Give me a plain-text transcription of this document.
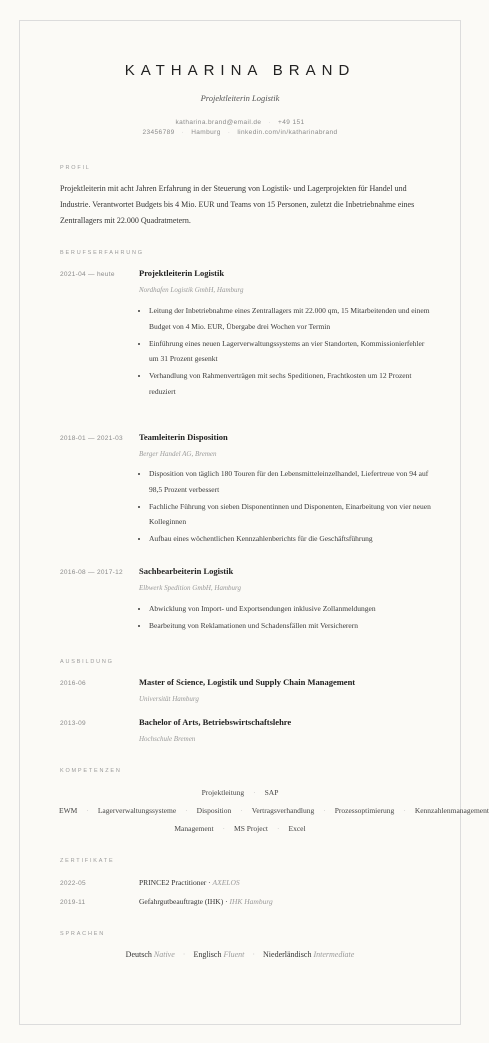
KATHARINA BRAND
Projektleiterin Logistik
katharina.brand@email.de · +49 151
23456789 · Hamburg · linkedin.com/in/katharinabrand
PROFIL
Projektleiterin mit acht Jahren Erfahrung in der Steuerung von Logistik- und Lagerprojekten für Handel und Industrie. Verantwortet Budgets bis 4 Mio. EUR und Teams von 15 Personen, zuletzt die Inbetriebnahme eines Zentrallagers mit 22.000 Quadratmetern.
BERUFSERFAHRUNG
2021-04 — heute	Projektleiterin Logistik
Nordhafen Logistik GmbH, Hamburg
• Leitung der Inbetriebnahme eines Zentrallagers mit 22.000 qm, 15 Mitarbeitenden und einem Budget von 4 Mio. EUR, Übergabe drei Wochen vor Termin
• Einführung eines neuen Lagerverwaltungssystems an vier Standorten, Kommissionierfehler um 31 Prozent gesenkt
• Verhandlung von Rahmenverträgen mit sechs Speditionen, Frachtkosten um 12 Prozent reduziert
2018-01 — 2021-03 Teamleiterin Disposition
Berger Handel AG, Bremen
• Disposition von täglich 180 Touren für den Lebensmitteleinzelhandel, Liefertreue von 94 auf 98,5 Prozent verbessert
• Fachliche Führung von sieben Disponentinnen und Disponenten, Einarbeitung von vier neuen Kolleginnen
• Aufbau eines wöchentlichen Kennzahlenberichts für die Geschäftsführung
2016-08 — 2017-12 Sachbearbeiterin Logistik
Elbwerk Spedition GmbH, Hamburg
• Abwicklung von Import- und Exportsendungen inklusive Zollanmeldungen
• Bearbeitung von Reklamationen und Schadensfällen mit Versicherern
AUSBILDUNG
2016-06	Master of Science, Logistik und Supply Chain Management
Universität Hamburg
2013-09	Bachelor of Arts, Betriebswirtschaftslehre
Hochschule Bremen
KOMPETENZEN
Projektleitung · SAP
EWM · Lagerverwaltungssysteme · Disposition · Vertragsverhandlung · Prozessoptimierung · Kennzahlenmanagement
Management · MS Project · Excel
ZERTIFIKATE
2022-05	PRINCE2 Practitioner · AXELOS
2019-11	Gefahrgutbeauftragte (IHK) · IHK Hamburg
SPRACHEN
Deutsch Native · Englisch Fluent · Niederländisch Intermediate
